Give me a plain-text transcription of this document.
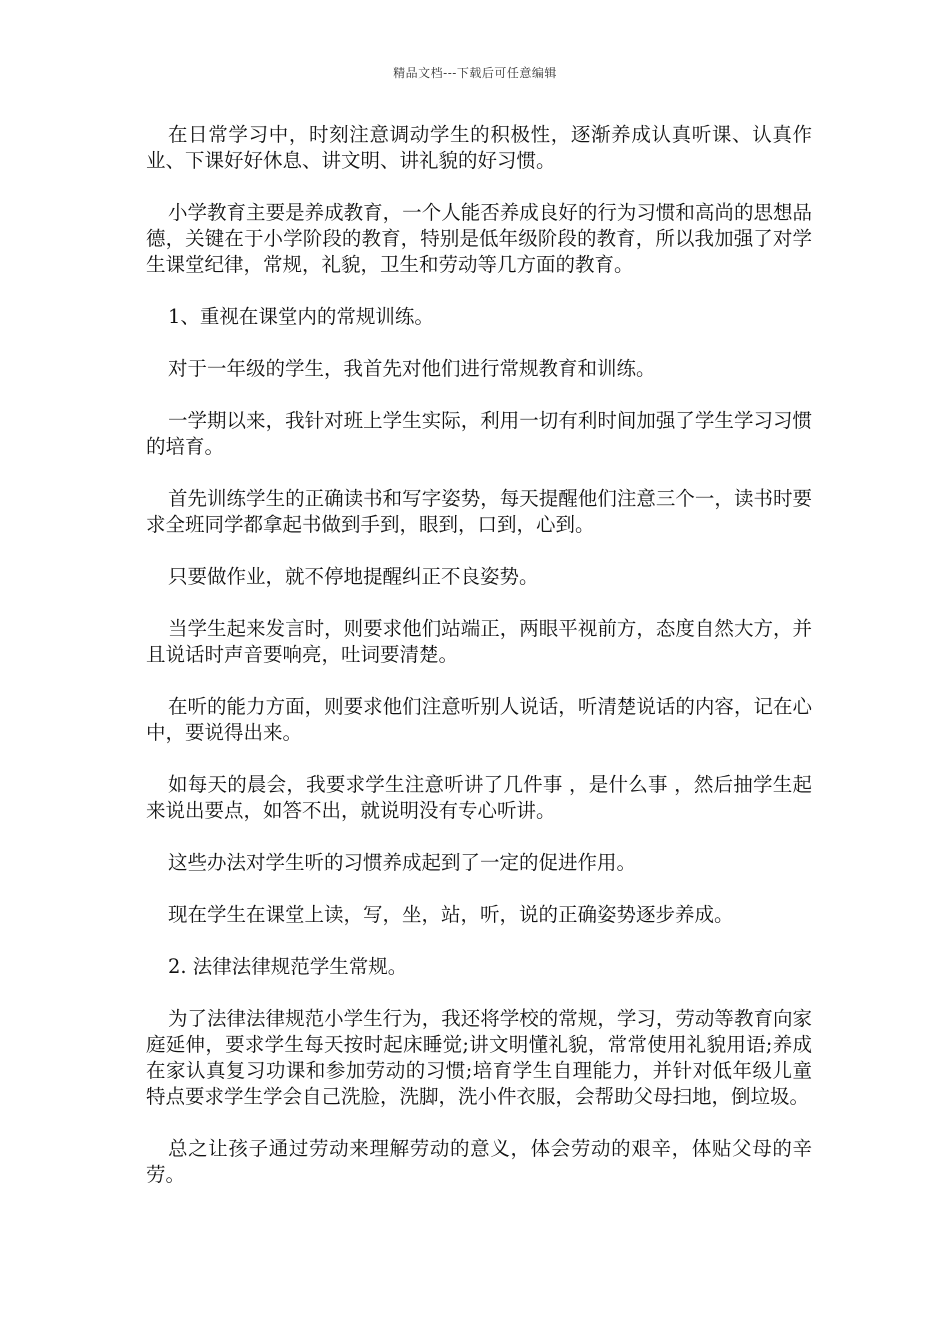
精品文档---下载后可任意编辑

在日常学习中，时刻注意调动学生的积极性，逐渐养成认真听课、认真作业、下课好好休息、讲文明、讲礼貌的好习惯。

小学教育主要是养成教育，一个人能否养成良好的行为习惯和高尚的思想品德，关键在于小学阶段的教育，特别是低年级阶段的教育，所以我加强了对学生课堂纪律，常规，礼貌，卫生和劳动等几方面的教育。

1、重视在课堂内的常规训练。

对于一年级的学生，我首先对他们进行常规教育和训练。

一学期以来，我针对班上学生实际，利用一切有利时间加强了学生学习习惯的培育。

首先训练学生的正确读书和写字姿势，每天提醒他们注意三个一，读书时要求全班同学都拿起书做到手到，眼到，口到，心到。

只要做作业，就不停地提醒纠正不良姿势。

当学生起来发言时，则要求他们站端正，两眼平视前方，态度自然大方，并且说话时声音要响亮，吐词要清楚。

在听的能力方面，则要求他们注意听别人说话，听清楚说话的内容，记在心中，要说得出来。

如每天的晨会，我要求学生注意听讲了几件事 ，是什么事 ，然后抽学生起来说出要点，如答不出，就说明没有专心听讲。

这些办法对学生听的习惯养成起到了一定的促进作用。

现在学生在课堂上读，写，坐，站，听，说的正确姿势逐步养成。

2. 法律法律规范学生常规。

为了法律法律规范小学生行为，我还将学校的常规，学习，劳动等教育向家庭延伸，要求学生每天按时起床睡觉;讲文明懂礼貌，常常使用礼貌用语;养成在家认真复习功课和参加劳动的习惯;培育学生自理能力，并针对低年级儿童特点要求学生学会自己洗脸，洗脚，洗小件衣服，会帮助父母扫地，倒垃圾。

总之让孩子通过劳动来理解劳动的意义，体会劳动的艰辛，体贴父母的辛劳。
